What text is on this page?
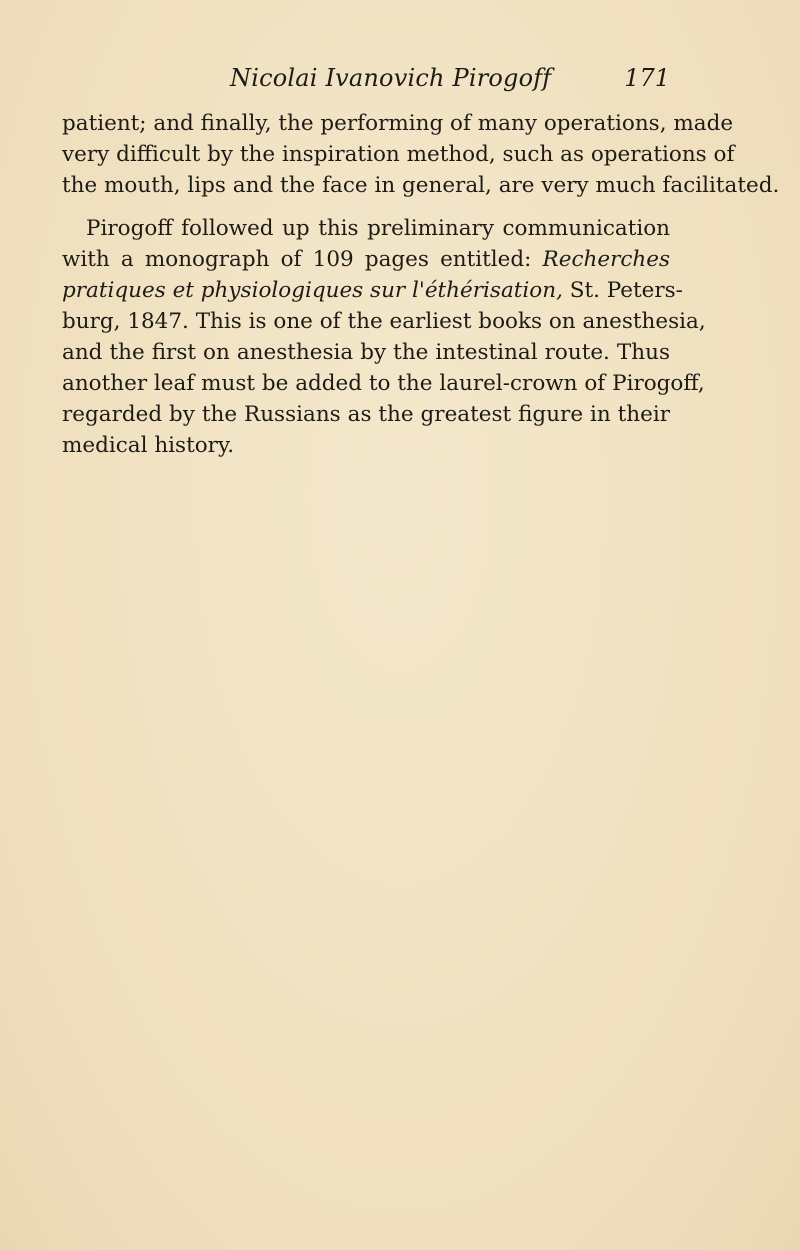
Nicolai Ivanovich Pirogoff	171
patient; and finally, the performing of many operations, made
very difficult by the inspiration method, such as operations of
the mouth, lips and the face in general, are very much facilitated.
Pirogoff followed up this preliminary communication
with a monograph of 109 pages entitled: Recherches
pratiques et physiologiques sur l'éthérisation, St. Peters-
burg, 1847. This is one of the earliest books on anesthesia,
and the first on anesthesia by the intestinal route. Thus
another leaf must be added to the laurel-crown of Pirogoff,
regarded by the Russians as the greatest figure in their
medical history.
